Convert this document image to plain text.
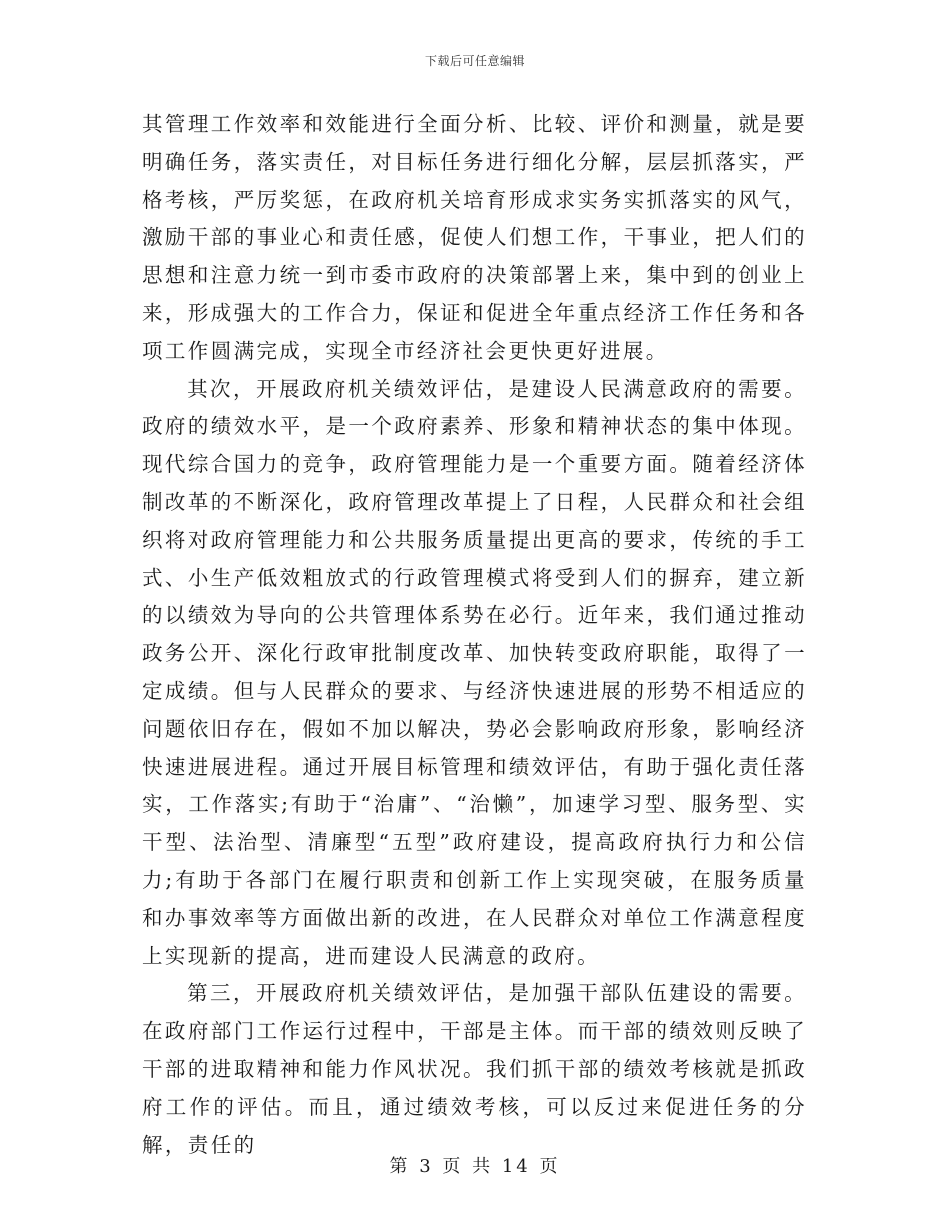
下载后可任意编辑

其管理工作效率和效能进行全面分析、比较、评价和测量，就是要明确任务，落实责任，对目标任务进行细化分解，层层抓落实，严格考核，严厉奖惩，在政府机关培育形成求实务实抓落实的风气，激励干部的事业心和责任感，促使人们想工作，干事业，把人们的思想和注意力统一到市委市政府的决策部署上来，集中到的创业上来，形成强大的工作合力，保证和促进全年重点经济工作任务和各项工作圆满完成，实现全市经济社会更快更好进展。

其次，开展政府机关绩效评估，是建设人民满意政府的需要。政府的绩效水平，是一个政府素养、形象和精神状态的集中体现。现代综合国力的竞争，政府管理能力是一个重要方面。随着经济体制改革的不断深化，政府管理改革提上了日程，人民群众和社会组织将对政府管理能力和公共服务质量提出更高的要求，传统的手工式、小生产低效粗放式的行政管理模式将受到人们的摒弃，建立新的以绩效为导向的公共管理体系势在必行。近年来，我们通过推动政务公开、深化行政审批制度改革、加快转变政府职能，取得了一定成绩。但与人民群众的要求、与经济快速进展的形势不相适应的问题依旧存在，假如不加以解决，势必会影响政府形象，影响经济快速进展进程。通过开展目标管理和绩效评估，有助于强化责任落实，工作落实;有助于“治庸”、“治懒”，加速学习型、服务型、实干型、法治型、清廉型“五型”政府建设，提高政府执行力和公信力;有助于各部门在履行职责和创新工作上实现突破，在服务质量和办事效率等方面做出新的改进，在人民群众对单位工作满意程度上实现新的提高，进而建设人民满意的政府。

第三，开展政府机关绩效评估，是加强干部队伍建设的需要。在政府部门工作运行过程中，干部是主体。而干部的绩效则反映了干部的进取精神和能力作风状况。我们抓干部的绩效考核就是抓政府工作的评估。而且，通过绩效考核，可以反过来促进任务的分解，责任的

第 3 页 共 14 页
